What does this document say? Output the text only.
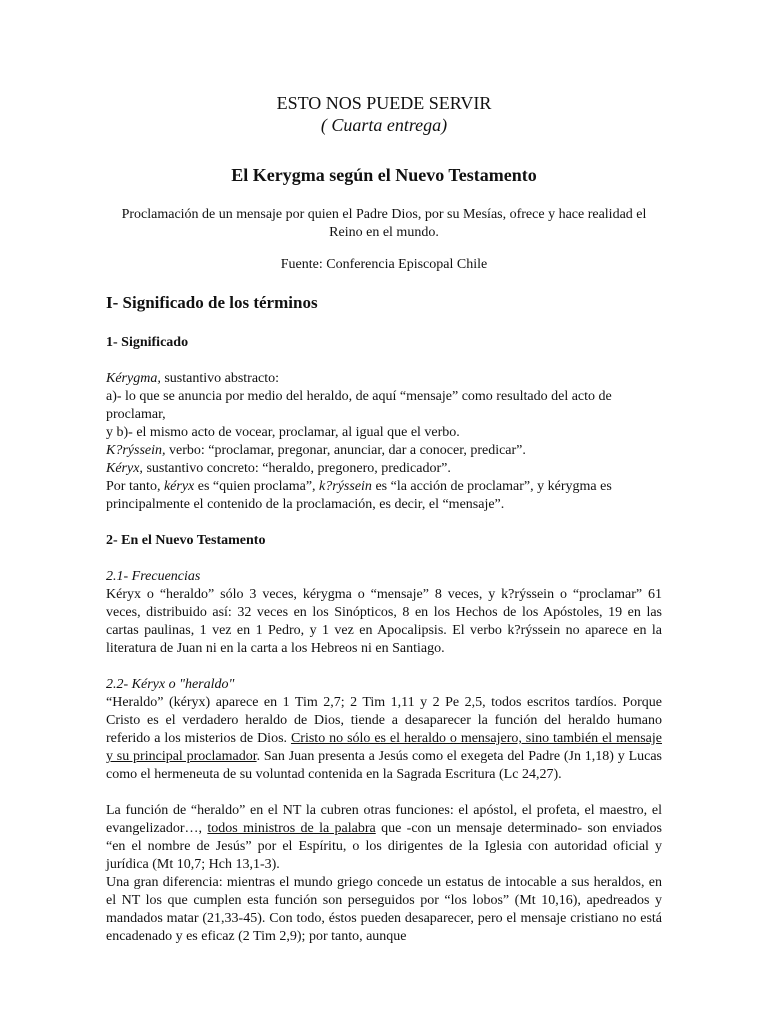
ESTO NOS PUEDE SERVIR

( Cuarta entrega)

El Kerygma según el Nuevo Testamento

Proclamación de un mensaje por quien el Padre Dios, por su Mesías, ofrece y hace realidad el Reino en el mundo.

Fuente: Conferencia Episcopal Chile

I- Significado de los términos

1- Significado

Kérygma, sustantivo abstracto:

a)- lo que se anuncia por medio del heraldo, de aquí “mensaje” como resultado del acto de proclamar,

y b)- el mismo acto de vocear, proclamar, al igual que el verbo.

K?rýssein, verbo: “proclamar, pregonar, anunciar, dar a conocer, predicar”.

Kéryx, sustantivo concreto: “heraldo, pregonero, predicador”.

Por tanto, kéryx es “quien proclama”, k?rýssein es “la acción de proclamar”, y kérygma es principalmente el contenido de la proclamación, es decir, el “mensaje”.

2- En el Nuevo Testamento

2.1- Frecuencias

Kéryx o “heraldo” sólo 3 veces, kérygma o “mensaje” 8 veces, y k?rýssein o “proclamar” 61 veces, distribuido así: 32 veces en los Sinópticos, 8 en los Hechos de los Apóstoles, 19 en las cartas paulinas, 1 vez en 1 Pedro, y 1 vez en Apocalipsis. El verbo k?rýssein no aparece en la literatura de Juan ni en la carta a los Hebreos ni en Santiago.

2.2- Kéryx o "heraldo"

“Heraldo” (kéryx) aparece en 1 Tim 2,7; 2 Tim 1,11 y 2 Pe 2,5, todos escritos tardíos. Porque Cristo es el verdadero heraldo de Dios, tiende a desaparecer la función del heraldo humano referido a los misterios de Dios. Cristo no sólo es el heraldo o mensajero, sino también el mensaje y su principal proclamador. San Juan presenta a Jesús como el exegeta del Padre (Jn 1,18) y Lucas como el hermeneuta de su voluntad contenida en la Sagrada Escritura (Lc 24,27).

La función de “heraldo” en el NT la cubren otras funciones: el apóstol, el profeta, el maestro, el evangelizador…, todos ministros de la palabra que -con un mensaje determinado- son enviados “en el nombre de Jesús” por el Espíritu, o los dirigentes de la Iglesia con autoridad oficial y jurídica (Mt 10,7; Hch 13,1-3).

Una gran diferencia: mientras el mundo griego concede un estatus de intocable a sus heraldos, en el NT los que cumplen esta función son perseguidos por “los lobos” (Mt 10,16), apedreados y mandados matar (21,33-45). Con todo, éstos pueden desaparecer, pero el mensaje cristiano no está encadenado y es eficaz (2 Tim 2,9); por tanto, aunque
